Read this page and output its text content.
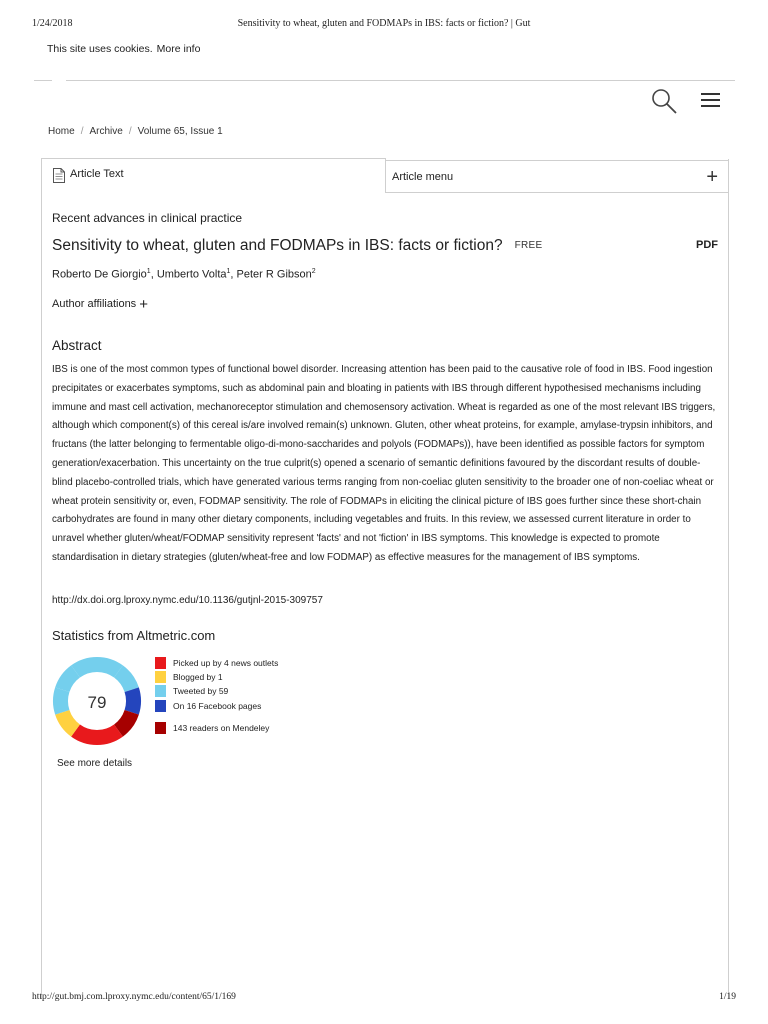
1/24/2018	Sensitivity to wheat, gluten and FODMAPs in IBS: facts or fiction? | Gut
This site uses cookies. More info
Home / Archive / Volume 65, Issue 1
Article Text	Article menu	+
Recent advances in clinical practice
Sensitivity to wheat, gluten and FODMAPs in IBS: facts or fiction? FREE	PDF
Roberto De Giorgio$^1$, Umberto Volta$^1$, Peter R Gibson$^2$
Author affiliations +
Abstract
IBS is one of the most common types of functional bowel disorder. Increasing attention has been paid to the causative role of food in IBS. Food ingestion precipitates or exacerbates symptoms, such as abdominal pain and bloating in patients with IBS through different hypothesised mechanisms including immune and mast cell activation, mechanoreceptor stimulation and chemosensory activation. Wheat is regarded as one of the most relevant IBS triggers, although which component(s) of this cereal is/are involved remain(s) unknown. Gluten, other wheat proteins, for example, amylase-trypsin inhibitors, and fructans (the latter belonging to fermentable oligo-di-mono-saccharides and polyols (FODMAPs)), have been identified as possible factors for symptom generation/exacerbation. This uncertainty on the true culprit(s) opened a scenario of semantic definitions favoured by the discordant results of double-blind placebo-controlled trials, which have generated various terms ranging from non-coeliac gluten sensitivity to the broader one of non-coeliac wheat or wheat protein sensitivity or, even, FODMAP sensitivity. The role of FODMAPs in eliciting the clinical picture of IBS goes further since these short-chain carbohydrates are found in many other dietary components, including vegetables and fruits. In this review, we assessed current literature in order to unravel whether gluten/wheat/FODMAP sensitivity represent 'facts' and not 'fiction' in IBS symptoms. This knowledge is expected to promote standardisation in dietary strategies (gluten/wheat-free and low FODMAP) as effective measures for the management of IBS symptoms.
http://dx.doi.org.lproxy.nymc.edu/10.1136/gutjnl-2015-309757
Statistics from Altmetric.com
79
Picked up by 4 news outlets
Blogged by 1
Tweeted by 59
On 16 Facebook pages
143 readers on Mendeley
See more details
http://gut.bmj.com.lproxy.nymc.edu/content/65/1/169	1/19
